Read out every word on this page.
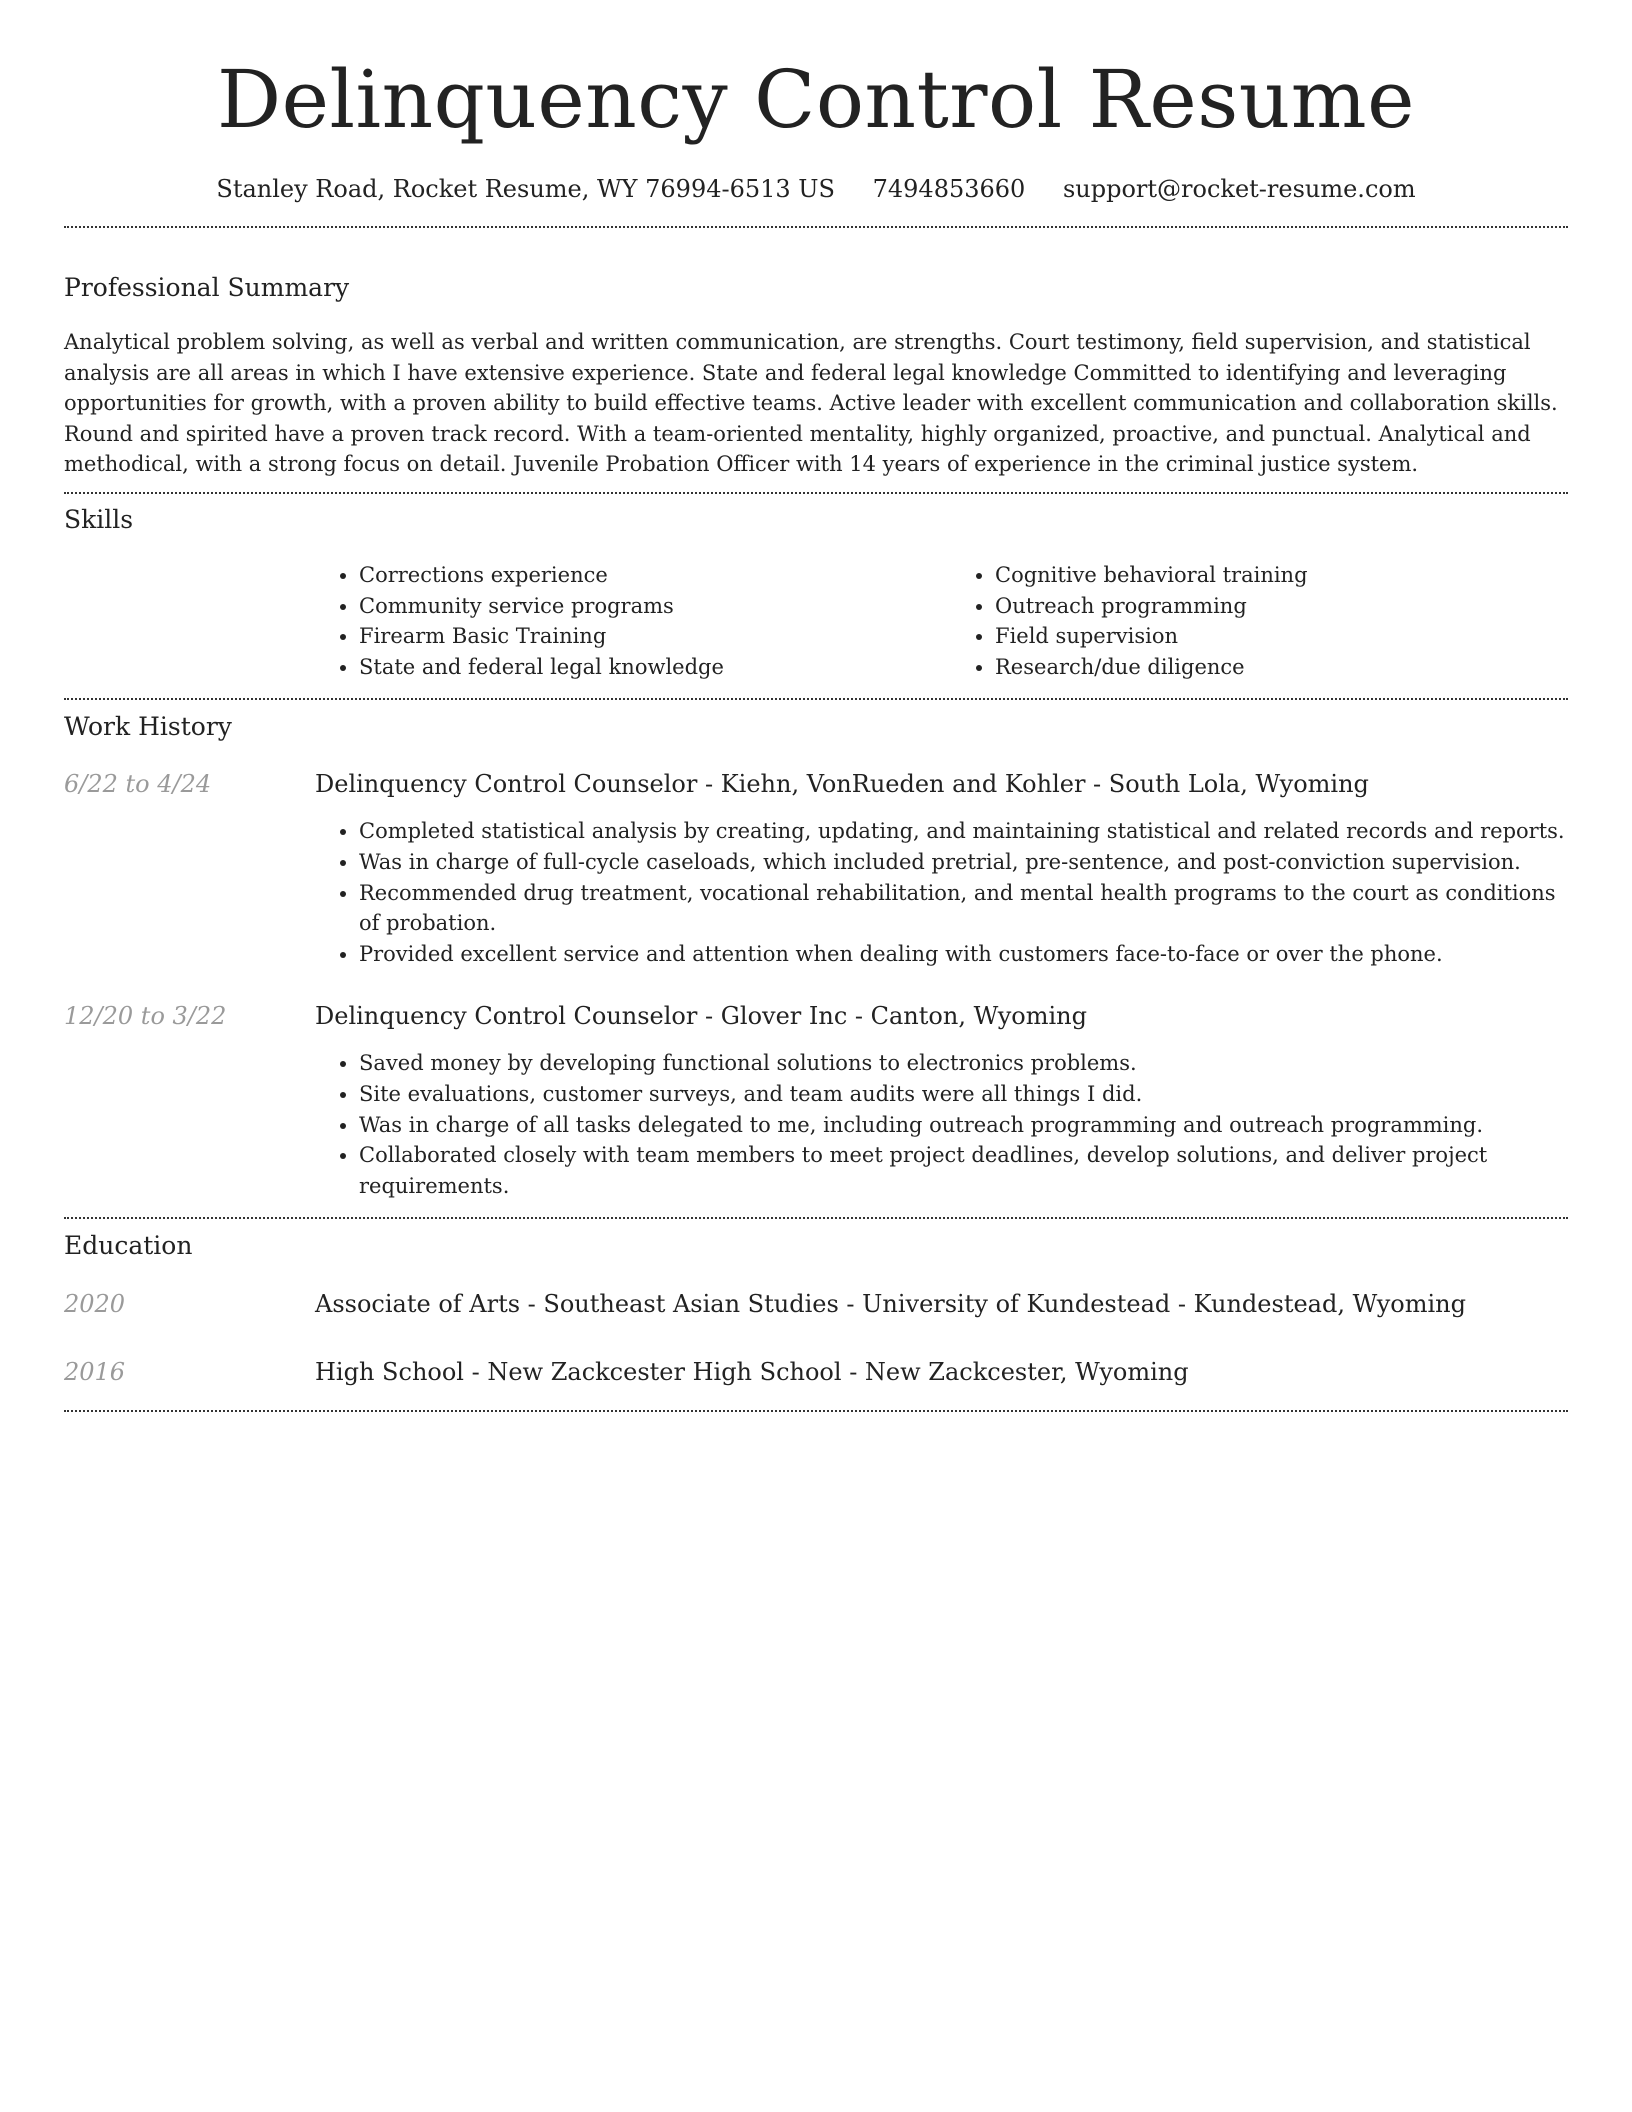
Delinquency Control Resume
Stanley Road, Rocket Resume, WY 76994-6513 US 7494853660 support@rocket-resume.com
Professional Summary

Analytical problem solving, as well as verbal and written communication, are strengths. Court testimony, field supervision, and statistical analysis are all areas in which I have extensive experience. State and federal legal knowledge Committed to identifying and leveraging opportunities for growth, with a proven ability to build effective teams. Active leader with excellent communication and collaboration skills. Round and spirited have a proven track record. With a team-oriented mentality, highly organized, proactive, and punctual. Analytical and methodical, with a strong focus on detail. Juvenile Probation Officer with 14 years of experience in the criminal justice system.

Skills
• Corrections experience
• Community service programs
• Firearm Basic Training
• State and federal legal knowledge
• Cognitive behavioral training
• Outreach programming
• Field supervision
• Research/due diligence
Work History
6/22 to 4/24	Delinquency Control Counselor - Kiehn, VonRueden and Kohler - South Lola, Wyoming
• Completed statistical analysis by creating, updating, and maintaining statistical and related records and reports.
• Was in charge of full-cycle caseloads, which included pretrial, pre-sentence, and post-conviction supervision.
• Recommended drug treatment, vocational rehabilitation, and mental health programs to the court as conditions of probation.
• Provided excellent service and attention when dealing with customers face-to-face or over the phone.
12/20 to 3/22	Delinquency Control Counselor - Glover Inc - Canton, Wyoming
• Saved money by developing functional solutions to electronics problems.
• Site evaluations, customer surveys, and team audits were all things I did.
• Was in charge of all tasks delegated to me, including outreach programming and outreach programming.
• Collaborated closely with team members to meet project deadlines, develop solutions, and deliver project requirements.
Education
2020	Associate of Arts - Southeast Asian Studies - University of Kundestead - Kundestead, Wyoming
2016	High School - New Zackcester High School - New Zackcester, Wyoming
